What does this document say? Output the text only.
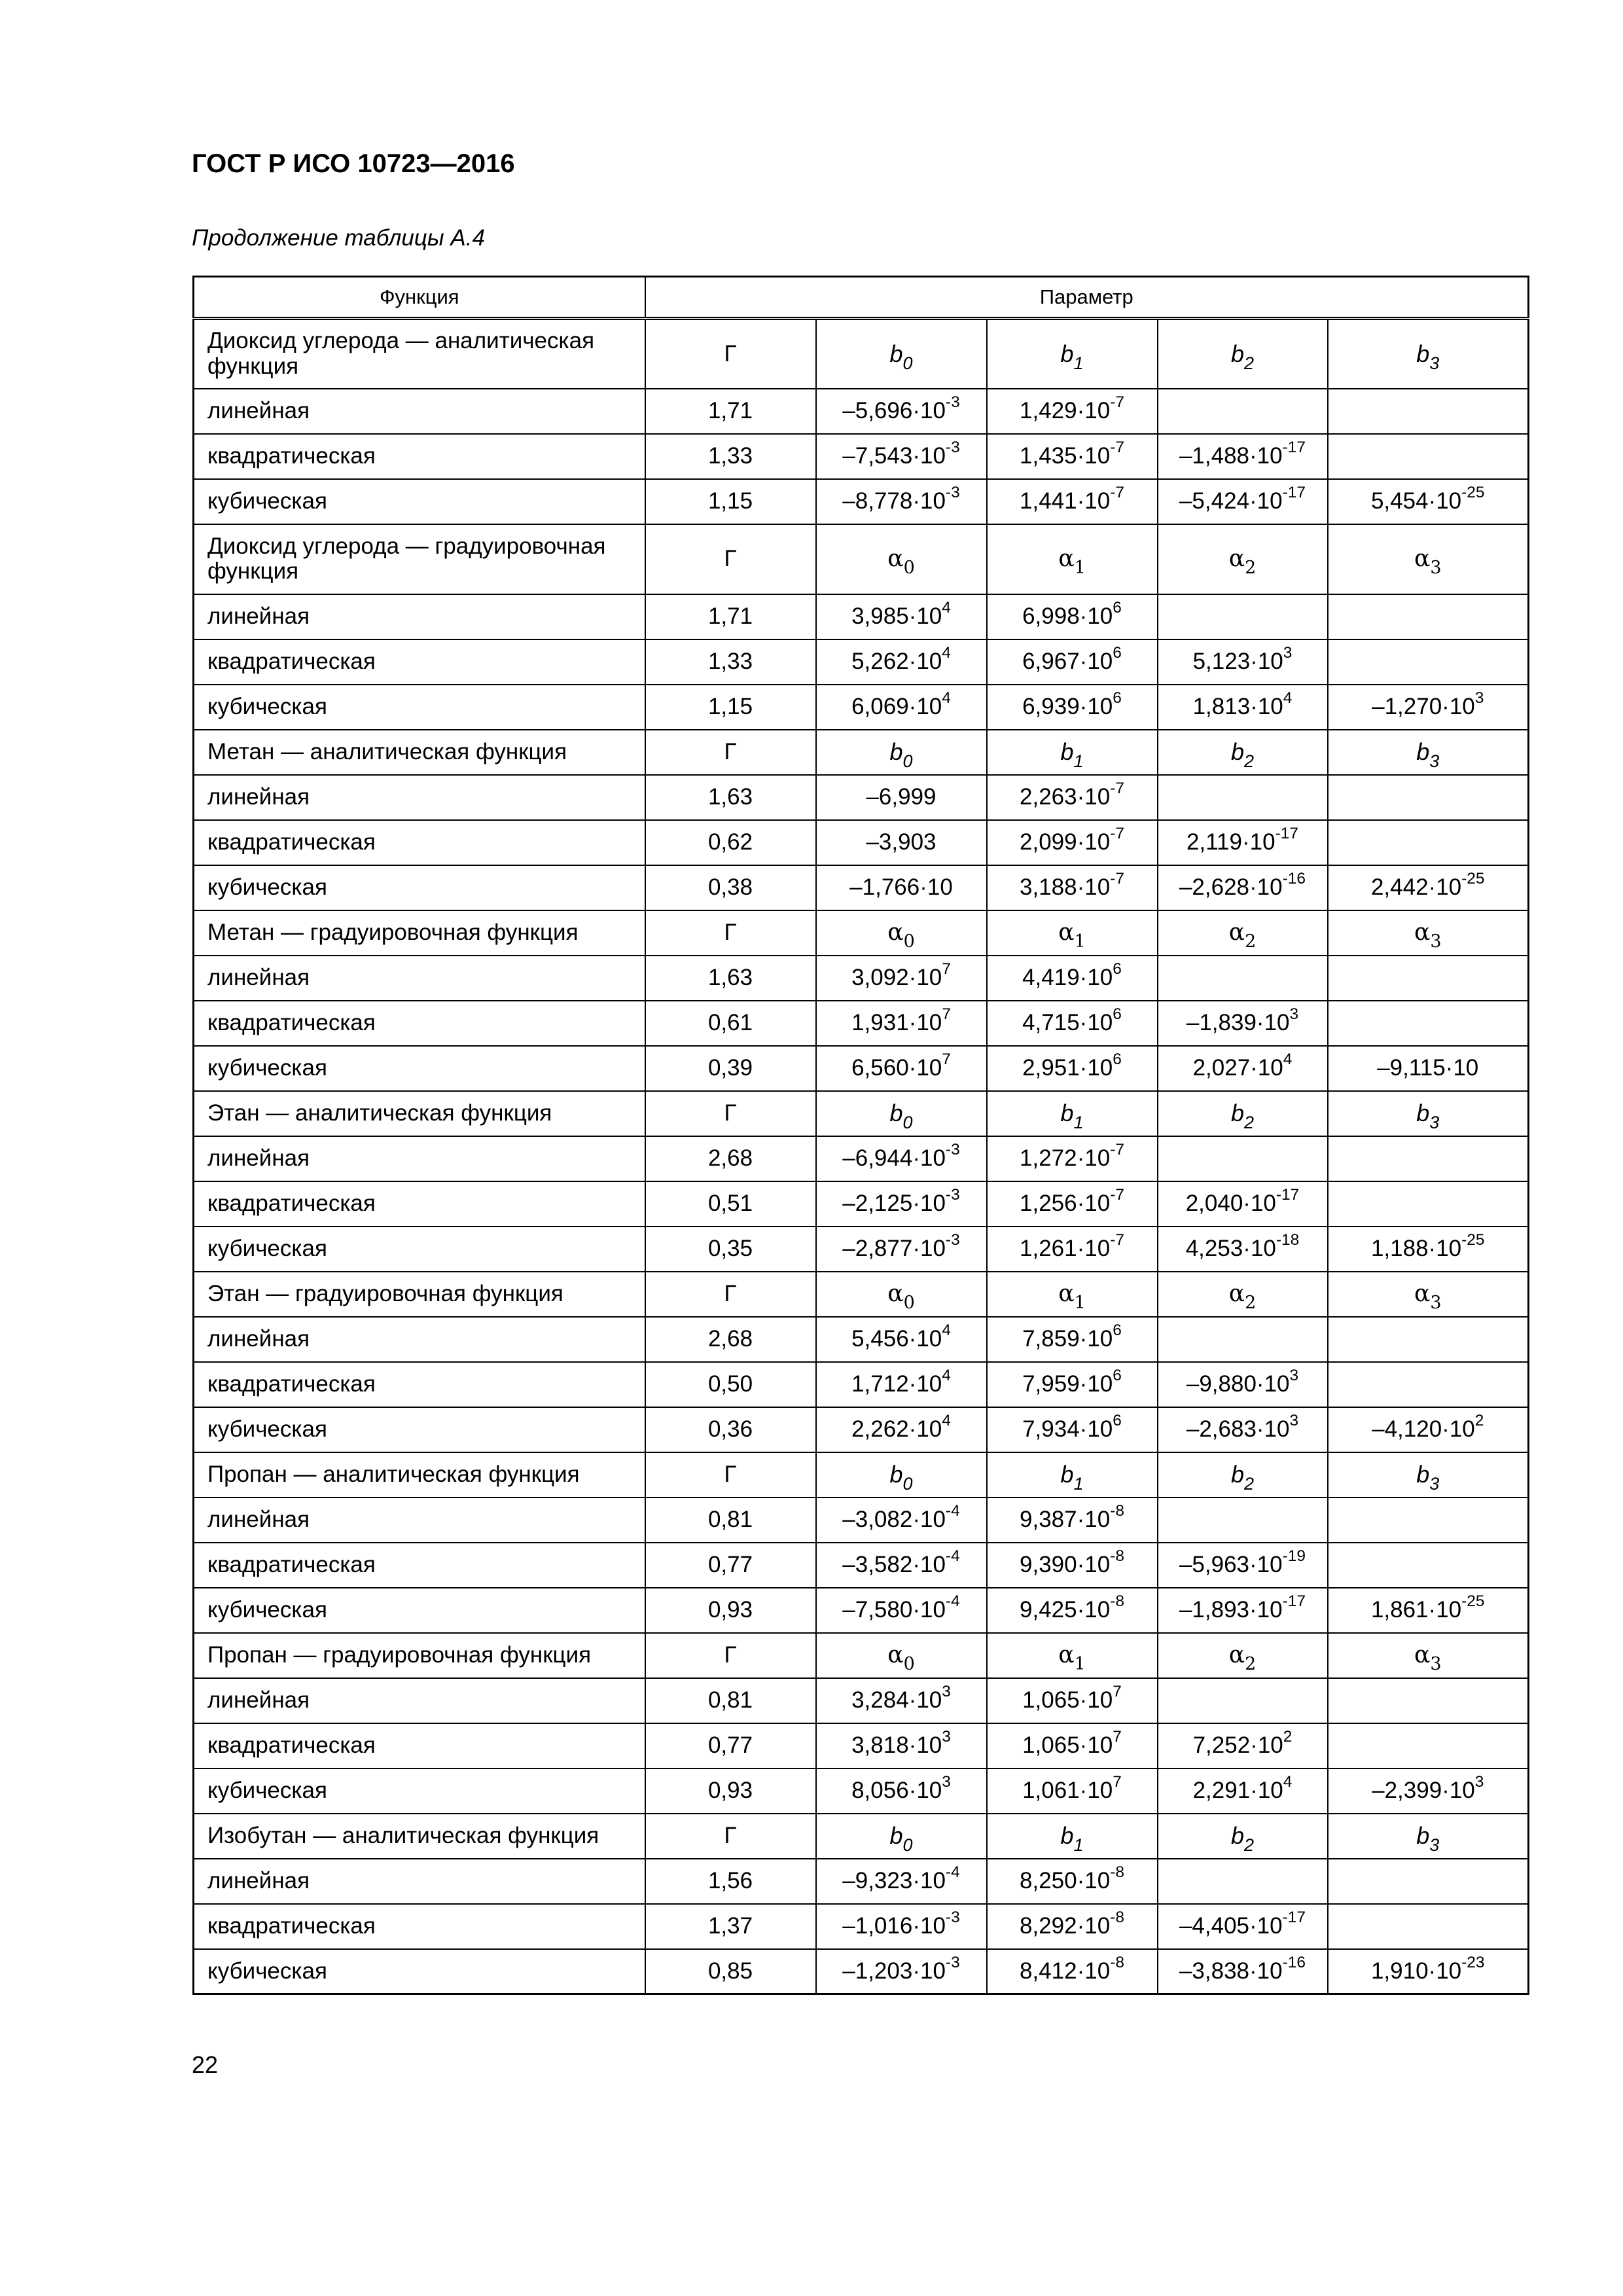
ГОСТ Р ИСО 10723—2016
Продолжение таблицы А.4
Функция	Параметр				
Диоксид углерода — аналитическая функция	Г	$b_0$	$b_1$	$b_2$	$b_3$
линейная	1,71	$-5,696\cdot 10^{-3}$	$1,429\cdot 10^{-7}$		
квадратическая	1,33	$-7,543\cdot 10^{-3}$	$1,435\cdot 10^{-7}$	$-1,488\cdot 10^{-17}$	
кубическая	1,15	$-8,778\cdot 10^{-3}$	$1,441\cdot 10^{-7}$	$-5,424\cdot 10^{-17}$	$5,454\cdot 10^{-25}$
Диоксид углерода — градуировочная функция	Г	$\alpha_0$	$\alpha_1$	$\alpha_2$	$\alpha_3$
линейная	1,71	$3,985\cdot 10^4$	$6,998\cdot 10^6$		
квадратическая	1,33	$5,262\cdot 10^4$	$6,967\cdot 10^6$	$5,123\cdot 10^3$	
кубическая	1,15	$6,069\cdot 10^4$	$6,939\cdot 10^6$	$1,813\cdot 10^4$	$-1,270\cdot 10^3$
Метан — аналитическая функция	Г	$b_0$	$b_1$	$b_2$	$b_3$
линейная	1,63	–6,999	$2,263\cdot 10^{-7}$		
квадратическая	0,62	–3,903	$2,099\cdot 10^{-7}$	$2,119\cdot 10^{-17}$	
кубическая	0,38	–1,766·10	$3,188\cdot 10^{-7}$	$-2,628\cdot 10^{-16}$	$2,442\cdot 10^{-25}$
Метан — градуировочная функция	Г	$\alpha_0$	$\alpha_1$	$\alpha_2$	$\alpha_3$
линейная	1,63	$3,092\cdot 10^7$	$4,419\cdot 10^6$		
квадратическая	0,61	$1,931\cdot 10^7$	$4,715\cdot 10^6$	$-1,839\cdot 10^3$	
кубическая	0,39	$6,560\cdot 10^7$	$2,951\cdot 10^6$	$2,027\cdot 10^4$	–9,115·10
Этан — аналитическая функция	Г	$b_0$	$b_1$	$b_2$	$b_3$
линейная	2,68	$-6,944\cdot 10^{-3}$	$1,272\cdot 10^{-7}$		
квадратическая	0,51	$-2,125\cdot 10^{-3}$	$1,256\cdot 10^{-7}$	$2,040\cdot 10^{-17}$	
кубическая	0,35	$-2,877\cdot 10^{-3}$	$1,261\cdot 10^{-7}$	$4,253\cdot 10^{-18}$	$1,188\cdot 10^{-25}$
Этан — градуировочная функция	Г	$\alpha_0$	$\alpha_1$	$\alpha_2$	$\alpha_3$
линейная	2,68	$5,456\cdot 10^4$	$7,859\cdot 10^6$		
квадратическая	0,50	$1,712\cdot 10^4$	$7,959\cdot 10^6$	$-9,880\cdot 10^3$	
кубическая	0,36	$2,262\cdot 10^4$	$7,934\cdot 10^6$	$-2,683\cdot 10^3$	$-4,120\cdot 10^2$
Пропан — аналитическая функция	Г	$b_0$	$b_1$	$b_2$	$b_3$
линейная	0,81	$-3,082\cdot 10^{-4}$	$9,387\cdot 10^{-8}$		
квадратическая	0,77	$-3,582\cdot 10^{-4}$	$9,390\cdot 10^{-8}$	$-5,963\cdot 10^{-19}$	
кубическая	0,93	$-7,580\cdot 10^{-4}$	$9,425\cdot 10^{-8}$	$-1,893\cdot 10^{-17}$	$1,861\cdot 10^{-25}$
Пропан — градуировочная функция	Г	$\alpha_0$	$\alpha_1$	$\alpha_2$	$\alpha_3$
линейная	0,81	$3,284\cdot 10^3$	$1,065\cdot 10^7$		
квадратическая	0,77	$3,818\cdot 10^3$	$1,065\cdot 10^7$	$7,252\cdot 10^2$	
кубическая	0,93	$8,056\cdot 10^3$	$1,061\cdot 10^7$	$2,291\cdot 10^4$	$-2,399\cdot 10^3$
Изобутан — аналитическая функция	Г	$b_0$	$b_1$	$b_2$	$b_3$
линейная	1,56	$-9,323\cdot 10^{-4}$	$8,250\cdot 10^{-8}$		
квадратическая	1,37	$-1,016\cdot 10^{-3}$	$8,292\cdot 10^{-8}$	$-4,405\cdot 10^{-17}$	
кубическая	0,85	$-1,203\cdot 10^{-3}$	$8,412\cdot 10^{-8}$	$-3,838\cdot 10^{-16}$	$1,910\cdot 10^{-23}$
22
